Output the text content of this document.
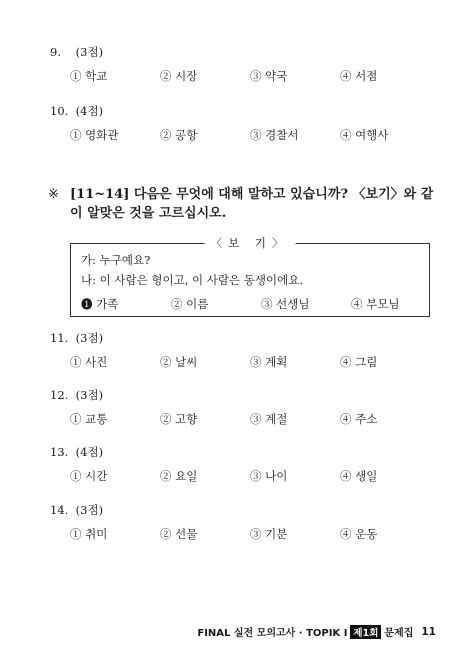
9. (3점)
① 학교	② 시장	③ 약국	④ 서점
10. (4점)
① 영화관	② 공항	③ 경찰서	④ 여행사
※ [11~14] 다음은 무엇에 대해 말하고 있습니까? 〈보기〉와 같이 알맞은 것을 고르십시오.
〈보 기〉
가: 누구예요?
나: 이 사람은 형이고, 이 사람은 동생이에요.
❶ 가족	② 이름	③ 선생님	④ 부모님
11. (3점)
① 사진	② 날씨	③ 계획	④ 그림
12. (3점)
① 교통	② 고향	③ 계절	④ 주소
13. (4점)
① 시간	② 요일	③ 나이	④ 생일
14. (3점)
① 취미	② 선물	③ 기분	④ 운동
FINAL 실전 모의고사 · TOPIK Ⅰ 제1회 문제집 11
